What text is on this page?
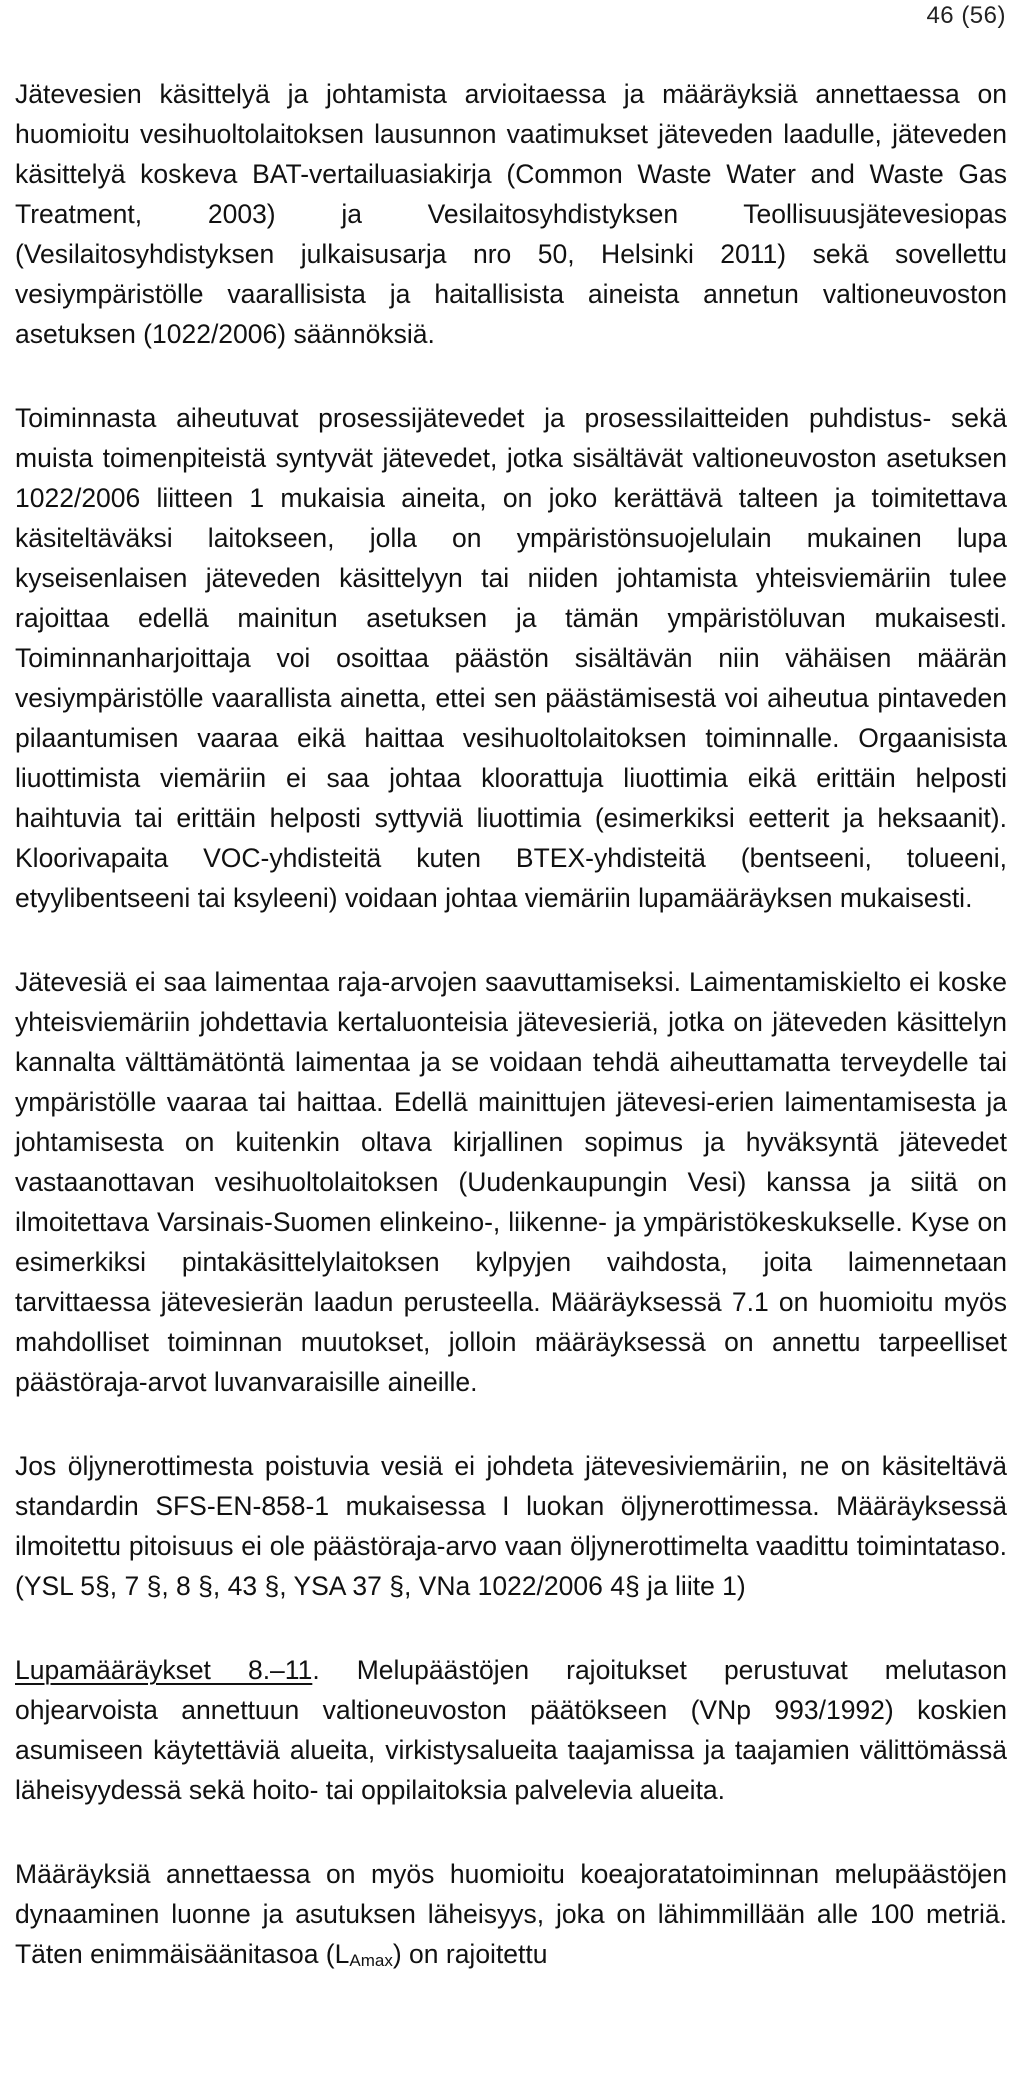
46 (56)

Jätevesien käsittelyä ja johtamista arvioitaessa ja määräyksiä annettaessa on huomioitu vesihuoltolaitoksen lausunnon vaatimukset jäteveden laadulle, jäteveden käsittelyä koskeva BAT-vertailuasiakirja (Common Waste Water and Waste Gas Treatment, 2003) ja Vesilaitosyhdistyksen Teollisuusjätevesiopas (Vesilaitosyhdistyksen julkaisusarja nro 50, Helsinki 2011) sekä sovellettu vesiympäristölle vaarallisista ja haitallisista aineista annetun valtioneuvoston asetuksen (1022/2006) säännöksiä.

Toiminnasta aiheutuvat prosessijätevedet ja prosessilaitteiden puhdistus- sekä muista toimenpiteistä syntyvät jätevedet, jotka sisältävät valtioneuvoston asetuksen 1022/2006 liitteen 1 mukaisia aineita, on joko kerättävä talteen ja toimitettava käsiteltäväksi laitokseen, jolla on ympäristönsuojelulain mukainen lupa kyseisenlaisen jäteveden käsittelyyn tai niiden johtamista yhteisviemäriin tulee rajoittaa edellä mainitun asetuksen ja tämän ympäristöluvan mukaisesti. Toiminnanharjoittaja voi osoittaa päästön sisältävän niin vähäisen määrän vesiympäristölle vaarallista ainetta, ettei sen päästämisestä voi aiheutua pintaveden pilaantumisen vaaraa eikä haittaa vesihuoltolaitoksen toiminnalle. Orgaanisista liuottimista viemäriin ei saa johtaa kloorattuja liuottimia eikä erittäin helposti haihtuvia tai erittäin helposti syttyviä liuottimia (esimerkiksi eetterit ja heksaanit). Kloorivapaita VOC-yhdisteitä kuten BTEX-yhdisteitä (bentseeni, tolueeni, etyylibentseeni tai ksyleeni) voidaan johtaa viemäriin lupamääräyksen mukaisesti.

Jätevesiä ei saa laimentaa raja-arvojen saavuttamiseksi. Laimentamiskielto ei koske yhteisviemäriin johdettavia kertaluonteisia jätevesieriä, jotka on jäteveden käsittelyn kannalta välttämätöntä laimentaa ja se voidaan tehdä aiheuttamatta terveydelle tai ympäristölle vaaraa tai haittaa. Edellä mainittujen jätevesi-erien laimentamisesta ja johtamisesta on kuitenkin oltava kirjallinen sopimus ja hyväksyntä jätevedet vastaanottavan vesihuoltolaitoksen (Uudenkaupungin Vesi) kanssa ja siitä on ilmoitettava Varsinais-Suomen elinkeino-, liikenne- ja ympäristökeskukselle. Kyse on esimerkiksi pintakäsittelylaitoksen kylpyjen vaihdosta, joita laimennetaan tarvittaessa jätevesierän laadun perusteella. Määräyksessä 7.1 on huomioitu myös mahdolliset toiminnan muutokset, jolloin määräyksessä on annettu tarpeelliset päästöraja-arvot luvanvaraisille aineille.

Jos öljynerottimesta poistuvia vesiä ei johdeta jätevesiviemäriin, ne on käsiteltävä standardin SFS-EN-858-1 mukaisessa I luokan öljynerottimessa. Määräyksessä ilmoitettu pitoisuus ei ole päästöraja-arvo vaan öljynerottimelta vaadittu toimintataso. (YSL 5§, 7 §, 8 §, 43 §, YSA 37 §, VNa 1022/2006 4§ ja liite 1)

Lupamääräykset 8.–11. Melupäästöjen rajoitukset perustuvat melutason ohjearvoista annettuun valtioneuvoston päätökseen (VNp 993/1992) koskien asumiseen käytettäviä alueita, virkistysalueita taajamissa ja taajamien välittömässä läheisyydessä sekä hoito- tai oppilaitoksia palvelevia alueita.

Määräyksiä annettaessa on myös huomioitu koeajoratatoiminnan melupäästöjen dynaaminen luonne ja asutuksen läheisyys, joka on lähimmillään alle 100 metriä. Täten enimmäisäänitasoa (LAmax) on rajoitettu
